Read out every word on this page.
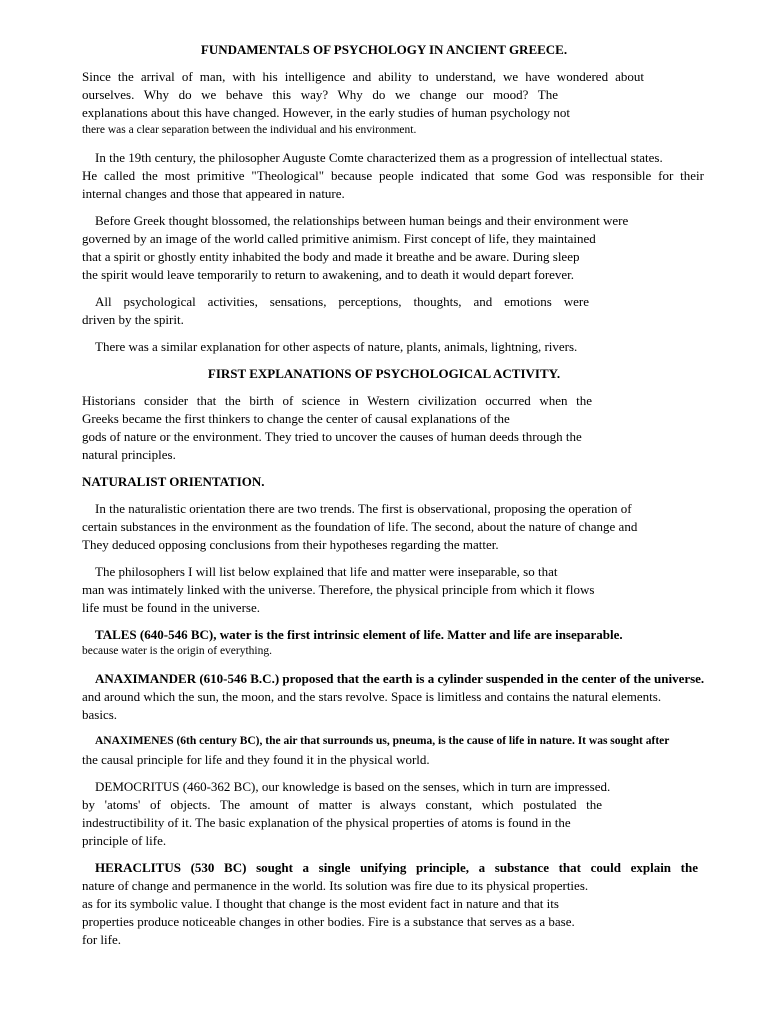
FUNDAMENTALS OF PSYCHOLOGY IN ANCIENT GREECE.

Since the arrival of man, with his intelligence and ability to understand, we have wondered about

ourselves. Why do we behave this way? Why do we change our mood? The

explanations about this have changed. However, in the early studies of human psychology not

there was a clear separation between the individual and his environment.

In the 19th century, the philosopher Auguste Comte characterized them as a progression of intellectual states.

He called the most primitive "Theological" because people indicated that some God was responsible for their

internal changes and those that appeared in nature.

Before Greek thought blossomed, the relationships between human beings and their environment were

governed by an image of the world called primitive animism. First concept of life, they maintained

that a spirit or ghostly entity inhabited the body and made it breathe and be aware. During sleep

the spirit would leave temporarily to return to awakening, and to death it would depart forever.

All psychological activities, sensations, perceptions, thoughts, and emotions were

driven by the spirit.

There was a similar explanation for other aspects of nature, plants, animals, lightning, rivers.

FIRST EXPLANATIONS OF PSYCHOLOGICAL ACTIVITY.

Historians consider that the birth of science in Western civilization occurred when the

Greeks became the first thinkers to change the center of causal explanations of the

gods of nature or the environment. They tried to uncover the causes of human deeds through the

natural principles.

NATURALIST ORIENTATION.

In the naturalistic orientation there are two trends. The first is observational, proposing the operation of

certain substances in the environment as the foundation of life. The second, about the nature of change and

They deduced opposing conclusions from their hypotheses regarding the matter.

The philosophers I will list below explained that life and matter were inseparable, so that

man was intimately linked with the universe. Therefore, the physical principle from which it flows

life must be found in the universe.

TALES (640-546 BC), water is the first intrinsic element of life. Matter and life are inseparable.

because water is the origin of everything.

ANAXIMANDER (610-546 B.C.) proposed that the earth is a cylinder suspended in the center of the universe.

and around which the sun, the moon, and the stars revolve. Space is limitless and contains the natural elements.

basics.

ANAXIMENES (6th century BC), the air that surrounds us, pneuma, is the cause of life in nature. It was sought after

the causal principle for life and they found it in the physical world.

DEMOCRITUS (460-362 BC), our knowledge is based on the senses, which in turn are impressed.

by 'atoms' of objects. The amount of matter is always constant, which postulated the

indestructibility of it. The basic explanation of the physical properties of atoms is found in the

principle of life.

HERACLITUS (530 BC) sought a single unifying principle, a substance that could explain the

nature of change and permanence in the world. Its solution was fire due to its physical properties.

as for its symbolic value. I thought that change is the most evident fact in nature and that its

properties produce noticeable changes in other bodies. Fire is a substance that serves as a base.

for life.
